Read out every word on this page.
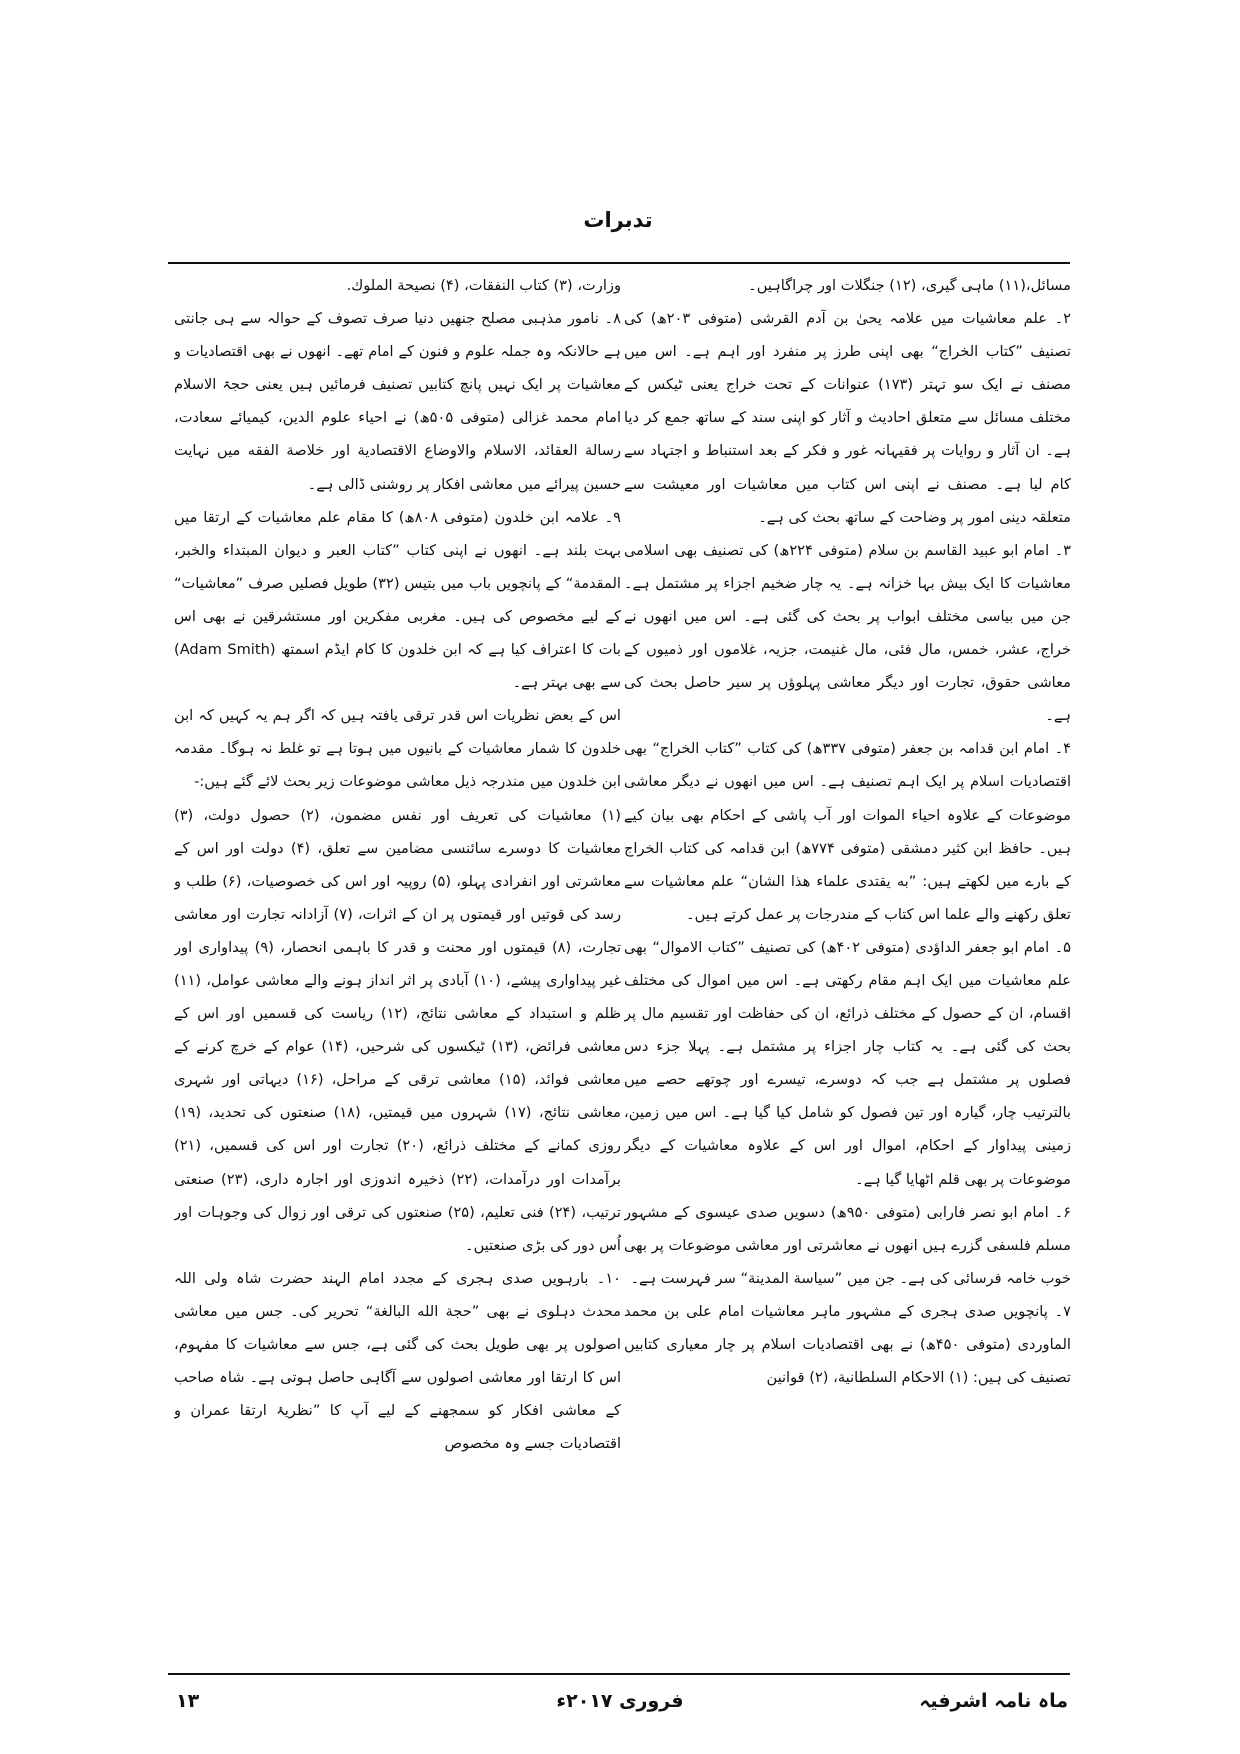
تدبرات

مسائل،(۱۱) ماہی گیری، (۱۲) جنگلات اور چراگاہیں۔

۲۔ علم معاشیات میں علامہ یحیٰ بن آدم القرشی (متوفی ۲۰۳ھ) کی تصنیف ”کتاب الخراج“ بھی اپنی طرز پر منفرد اور اہم ہے۔ اس میں مصنف نے ایک سو تہتر (۱۷۳) عنوانات کے تحت خراج یعنی ٹیکس کے مختلف مسائل سے متعلق احادیث و آثار کو اپنی سند کے ساتھ جمع کر دیا ہے۔ ان آثار و روایات پر فقیہانہ غور و فکر کے بعد استنباط و اجتہاد سے کام لیا ہے۔ مصنف نے اپنی اس کتاب میں معاشیات اور معیشت سے متعلقہ دینی امور پر وضاحت کے ساتھ بحث کی ہے۔

۳۔ امام ابو عبید القاسم بن سلام (متوفی ۲۲۴ھ) کی تصنیف بھی اسلامی معاشیات کا ایک بیش بہا خزانہ ہے۔ یہ چار ضخیم اجزاء پر مشتمل ہے۔ جن میں بیاسی مختلف ابواب پر بحث کی گئی ہے۔ اس میں انھوں نے خراج، عشر، خمس، مال فئی، مال غنیمت، جزیہ، غلاموں اور ذمیوں کے معاشی حقوق، تجارت اور دیگر معاشی پہلوؤں پر سیر حاصل بحث کی ہے۔

۴۔ امام ابن قدامہ بن جعفر (متوفی ۳۳۷ھ) کی کتاب ”کتاب الخراج“ بھی اقتصادیات اسلام پر ایک اہم تصنیف ہے۔ اس میں انھوں نے دیگر معاشی موضوعات کے علاوہ احیاء الموات اور آب پاشی کے احکام بھی بیان کیے ہیں۔ حافظ ابن کثیر دمشقی (متوفی ۷۷۴ھ) ابن قدامہ کی کتاب الخراج کے بارے میں لکھتے ہیں: ”به يقتدى علماء هذا الشان“ علم معاشیات سے تعلق رکھنے والے علما اس کتاب کے مندرجات پر عمل کرتے ہیں۔

۵۔ امام ابو جعفر الداؤدی (متوفی ۴۰۲ھ) کی تصنیف ”کتاب الاموال“ بھی علم معاشیات میں ایک اہم مقام رکھتی ہے۔ اس میں اموال کی مختلف اقسام، ان کے حصول کے مختلف ذرائع، ان کی حفاظت اور تقسیم مال پر بحث کی گئی ہے۔ یہ کتاب چار اجزاء پر مشتمل ہے۔ پہلا جزء دس فصلوں پر مشتمل ہے جب کہ دوسرے، تیسرے اور چوتھے حصے میں بالترتیب چار، گیارہ اور تین فصول کو شامل کیا گیا ہے۔ اس میں زمین، زمینی پیداوار کے احکام، اموال اور اس کے علاوہ معاشیات کے دیگر موضوعات پر بھی قلم اٹھایا گیا ہے۔

۶۔ امام ابو نصر فارابی (متوفی ۹۵۰ھ) دسویں صدی عیسوی کے مشہور مسلم فلسفی گزرے ہیں انھوں نے معاشرتی اور معاشی موضوعات پر بھی خوب خامہ فرسائی کی ہے۔ جن میں ”سياسة المدينة“ سر فہرست ہے۔

۷۔ پانچویں صدی ہجری کے مشہور ماہر معاشیات امام علی بن محمد الماوردی (متوفی ۴۵۰ھ) نے بھی اقتصادیات اسلام پر چار معیاری کتابیں تصنیف کی ہیں: (۱) الاحكام السلطانية، (۲) قوانین

وزارت، (۳) كتاب النفقات، (۴) نصيحة الملوك.

۸۔ نامور مذہبی مصلح جنھیں دنیا صرف تصوف کے حوالہ سے ہی جانتی ہے حالانکہ وہ جملہ علوم و فنون کے امام تھے۔ انھوں نے بھی اقتصادیات و معاشیات پر ایک نہیں پانچ کتابیں تصنیف فرمائیں ہیں یعنی حجۃ الاسلام امام محمد غزالی (متوفی ۵۰۵ھ) نے احیاء علوم الدین، کیمیائے سعادت، رسالة العقائد، الاسلام والاوضاع الاقتصادية اور خلاصة الفقه میں نہایت حسین پیرائے میں معاشی افکار پر روشنی ڈالی ہے۔

۹۔ علامہ ابن خلدون (متوفی ۸۰۸ھ) کا مقام علم معاشیات کے ارتقا میں بہت بلند ہے۔ انھوں نے اپنی کتاب ”کتاب العبر و دیوان المبتداء والخبر، المقدمة“ کے پانچویں باب میں بتیس (۳۲) طویل فصلیں صرف ”معاشیات“ کے لیے مخصوص کی ہیں۔ مغربی مفکرین اور مستشرقین نے بھی اس بات کا اعتراف کیا ہے کہ ابن خلدون کا کام ایڈم اسمتھ (Adam Smith) سے بھی بہتر ہے۔

اس کے بعض نظریات اس قدر ترقی یافتہ ہیں کہ اگر ہم یہ کہیں کہ ابن خلدون کا شمار معاشیات کے بانیوں میں ہوتا ہے تو غلط نہ ہوگا۔ مقدمہ ابن خلدون میں مندرجہ ذیل معاشی موضوعات زیر بحث لائے گئے ہیں:-

(۱) معاشیات کی تعریف اور نفس مضمون، (۲) حصول دولت، (۳) معاشیات کا دوسرے سائنسی مضامین سے تعلق، (۴) دولت اور اس کے معاشرتی اور انفرادی پہلو، (۵) روپیہ اور اس کی خصوصیات، (۶) طلب و رسد کی قوتیں اور قیمتوں پر ان کے اثرات، (۷) آزادانہ تجارت اور معاشی تجارت، (۸) قیمتوں اور محنت و قدر کا باہمی انحصار، (۹) پیداواری اور غیر پیداواری پیشے، (۱۰) آبادی پر اثر انداز ہونے والے معاشی عوامل، (۱۱) ظلم و استبداد کے معاشی نتائج، (۱۲) ریاست کی قسمیں اور اس کے معاشی فرائض، (۱۳) ٹیکسوں کی شرحیں، (۱۴) عوام کے خرچ کرنے کے معاشی فوائد، (۱۵) معاشی ترقی کے مراحل، (۱۶) دیہاتی اور شہری معاشی نتائج، (۱۷) شہروں میں قیمتیں، (۱۸) صنعتوں کی تحدید، (۱۹) روزی کمانے کے مختلف ذرائع، (۲۰) تجارت اور اس کی قسمیں، (۲۱) برآمدات اور درآمدات، (۲۲) ذخیرہ اندوزی اور اجارہ داری، (۲۳) صنعتی ترتیب، (۲۴) فنی تعلیم، (۲۵) صنعتوں کی ترقی اور زوال کی وجوہات اور اُس دور کی بڑی صنعتیں۔

۱۰۔ بارہویں صدی ہجری کے مجدد امام الہند حضرت شاہ ولی اللہ محدث دہلوی نے بھی ”حجة الله البالغة“ تحریر کی۔ جس میں معاشی اصولوں پر بھی طویل بحث کی گئی ہے، جس سے معاشیات کا مفہوم، اس کا ارتقا اور معاشی اصولوں سے آگاہی حاصل ہوتی ہے۔ شاہ صاحب کے معاشی افکار کو سمجھنے کے لیے آپ کا ”نظریۂ ارتقا عمران و اقتصادیات جسے وہ مخصوص

ماہ نامہ اشرفیہ
فروری ۲۰۱۷ء
۱۳
